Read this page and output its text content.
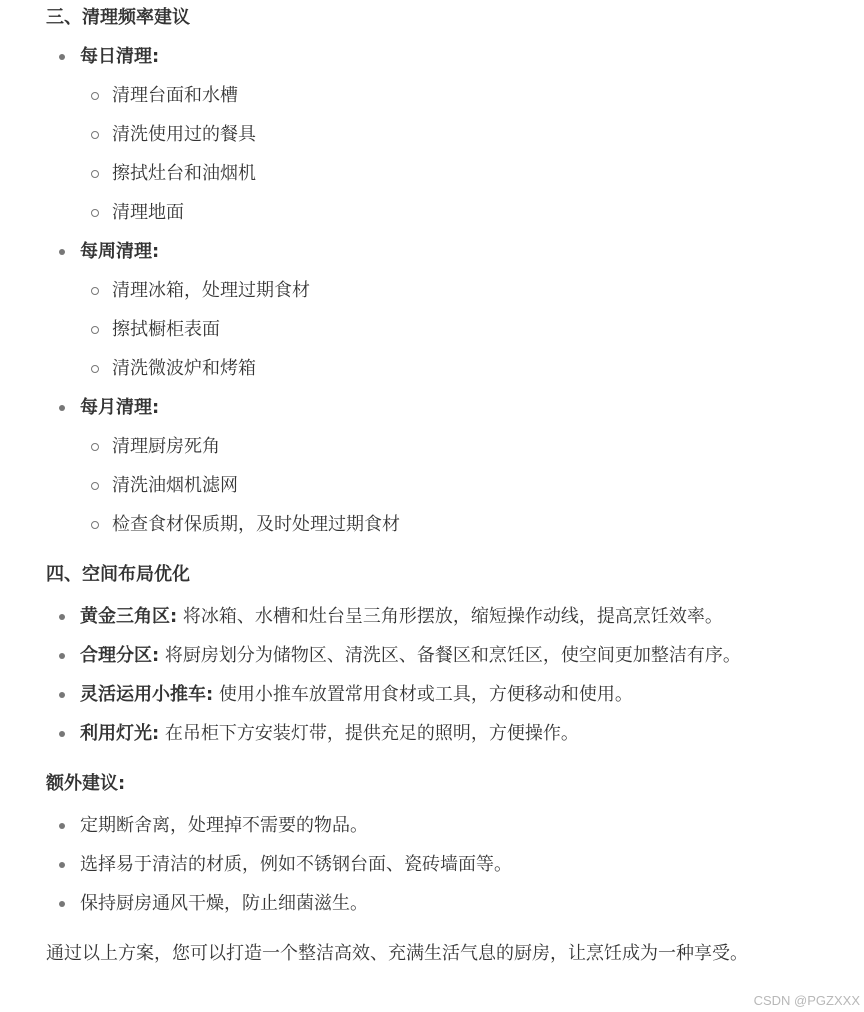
三、清理频率建议
每日清理:
清理台面和水槽
清洗使用过的餐具
擦拭灶台和油烟机
清理地面
每周清理:
清理冰箱，处理过期食材
擦拭橱柜表面
清洗微波炉和烤箱
每月清理:
清理厨房死角
清洗油烟机滤网
检查食材保质期，及时处理过期食材
四、空间布局优化
黄金三角区: 将冰箱、水槽和灶台呈三角形摆放，缩短操作动线，提高烹饪效率。
合理分区: 将厨房划分为储物区、清洗区、备餐区和烹饪区，使空间更加整洁有序。
灵活运用小推车: 使用小推车放置常用食材或工具，方便移动和使用。
利用灯光: 在吊柜下方安装灯带，提供充足的照明，方便操作。
额外建议:
定期断舍离，处理掉不需要的物品。
选择易于清洁的材质，例如不锈钢台面、瓷砖墙面等。
保持厨房通风干燥，防止细菌滋生。
通过以上方案，您可以打造一个整洁高效、充满生活气息的厨房，让烹饪成为一种享受。
CSDN @PGZXXX
